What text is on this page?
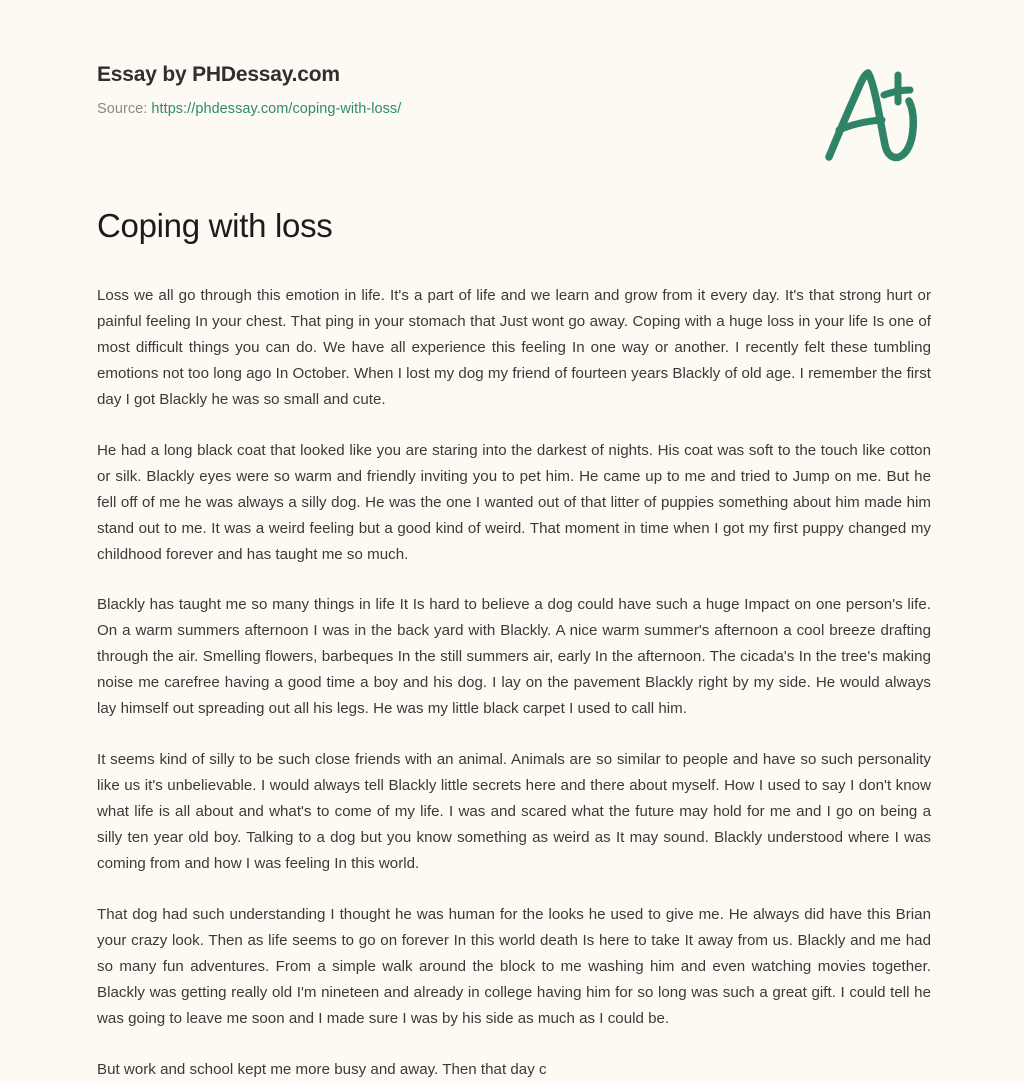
Essay by PHDessay.com
Source: https://phdessay.com/coping-with-loss/
Coping with loss

Loss we all go through this emotion in life. It's a part of life and we learn and grow from it every day. It's that strong hurt or painful feeling In your chest. That ping in your stomach that Just wont go away. Coping with a huge loss in your life Is one of most difficult things you can do. We have all experience this feeling In one way or another. I recently felt these tumbling emotions not too long ago In October. When I lost my dog my friend of fourteen years Blackly of old age. I remember the first day I got Blackly he was so small and cute.

He had a long black coat that looked like you are staring into the darkest of nights. His coat was soft to the touch like cotton or silk. Blackly eyes were so warm and friendly inviting you to pet him. He came up to me and tried to Jump on me. But he fell off of me he was always a silly dog. He was the one I wanted out of that litter of puppies something about him made him stand out to me. It was a weird feeling but a good kind of weird. That moment in time when I got my first puppy changed my childhood forever and has taught me so much.

Blackly has taught me so many things in life It Is hard to believe a dog could have such a huge Impact on one person's life. On a warm summers afternoon I was in the back yard with Blackly. A nice warm summer's afternoon a cool breeze drafting through the air. Smelling flowers, barbeques In the still summers air, early In the afternoon. The cicada's In the tree's making noise me carefree having a good time a boy and his dog. I lay on the pavement Blackly right by my side. He would always lay himself out spreading out all his legs. He was my little black carpet I used to call him.

It seems kind of silly to be such close friends with an animal. Animals are so similar to people and have so such personality like us it's unbelievable. I would always tell Blackly little secrets here and there about myself. How I used to say I don't know what life is all about and what's to come of my life. I was and scared what the future may hold for me and I go on being a silly ten year old boy. Talking to a dog but you know something as weird as It may sound. Blackly understood where I was coming from and how I was feeling In this world.

That dog had such understanding I thought he was human for the looks he used to give me. He always did have this Brian your crazy look. Then as life seems to go on forever In this world death Is here to take It away from us. Blackly and me had so many fun adventures. From a simple walk around the block to me washing him and even watching movies together. Blackly was getting really old I'm nineteen and already in college having him for so long was such a great gift. I could tell he was going to leave me soon and I made sure I was by his side as much as I could be.

But work and school kept me more busy and away. Then that day c
